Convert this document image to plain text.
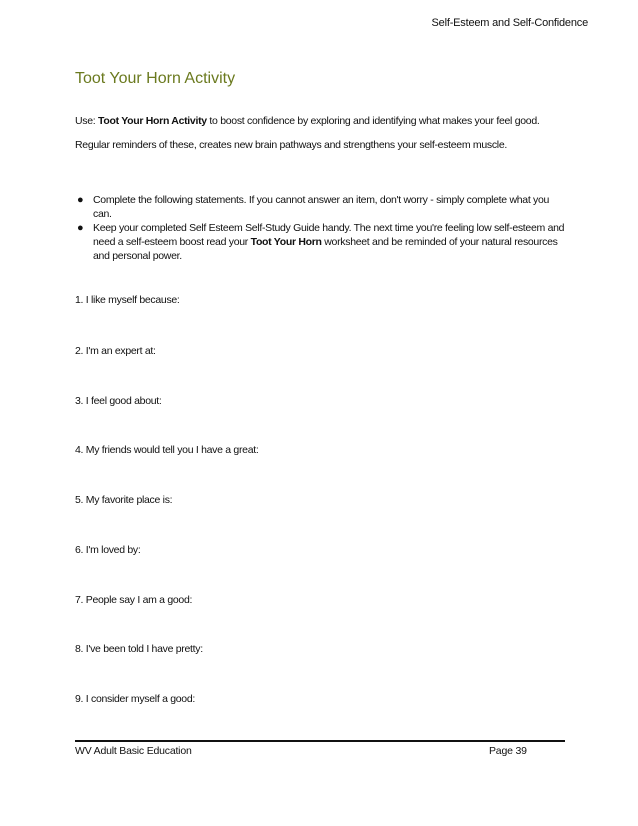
Self-Esteem and Self-Confidence
Toot Your Horn Activity

Use: Toot Your Horn Activity to boost confidence by exploring and identifying what makes your feel good. Regular reminders of these, creates new brain pathways and strengthens your self-esteem muscle.

● Complete the following statements. If you cannot answer an item, don't worry - simply complete what you can.
● Keep your completed Self Esteem Self-Study Guide handy. The next time you're feeling low self-esteem and need a self-esteem boost read your Toot Your Horn worksheet and be reminded of your natural resources and personal power.

1. I like myself because:

2. I'm an expert at:

3. I feel good about:

4. My friends would tell you I have a great:

5. My favorite place is:

6. I'm loved by:

7. People say I am a good:

8. I've been told I have pretty:

9. I consider myself a good:

WV Adult Basic Education	Page 39
